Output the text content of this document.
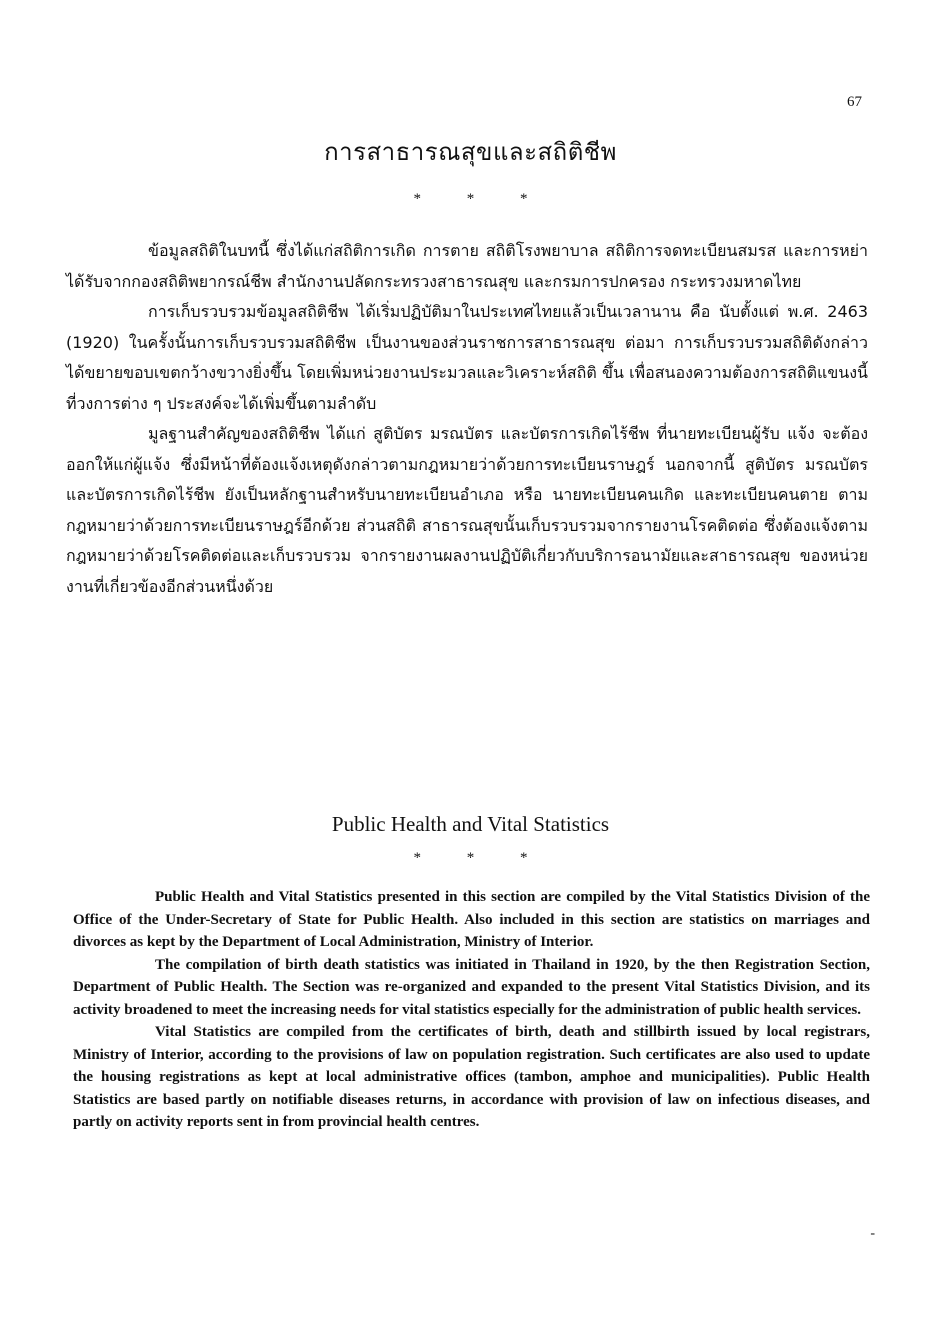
67
การสาธารณสุขและสถิติชีพ
* * *

ข้อมูลสถิติในบทนี้ ซึ่งได้แก่สถิติการเกิด การตาย สถิติโรงพยาบาล สถิติการจดทะเบียนสมรส และการหย่า ได้รับจากกองสถิติพยากรณ์ชีพ สำนักงานปลัดกระทรวงสาธารณสุข และกรมการปกครอง กระทรวงมหาดไทย

การเก็บรวบรวมข้อมูลสถิติชีพ ได้เริ่มปฏิบัติมาในประเทศไทยแล้วเป็นเวลานาน คือ นับตั้งแต่ พ.ศ. 2463 (1920) ในครั้งนั้นการเก็บรวบรวมสถิติชีพ เป็นงานของส่วนราชการสาธารณสุข ต่อมา การเก็บรวบรวมสถิติดังกล่าวได้ขยายขอบเขตกว้างขวางยิ่งขึ้น โดยเพิ่มหน่วยงานประมวลและวิเคราะห์สถิติ ขึ้น เพื่อสนองความต้องการสถิติแขนงนี้ที่วงการต่าง ๆ ประสงค์จะได้เพิ่มขึ้นตามลำดับ

มูลฐานสำคัญของสถิติชีพ ได้แก่ สูติบัตร มรณบัตร และบัตรการเกิดไร้ชีพ ที่นายทะเบียนผู้รับ แจ้ง จะต้องออกให้แก่ผู้แจ้ง ซึ่งมีหน้าที่ต้องแจ้งเหตุดังกล่าวตามกฎหมายว่าด้วยการทะเบียนราษฎร์ นอกจากนี้ สูติบัตร มรณบัตร และบัตรการเกิดไร้ชีพ ยังเป็นหลักฐานสำหรับนายทะเบียนอำเภอ หรือ นายทะเบียนคนเกิด และทะเบียนคนตาย ตามกฎหมายว่าด้วยการทะเบียนราษฎร์อีกด้วย ส่วนสถิติ สาธารณสุขนั้นเก็บรวบรวมจากรายงานโรคติดต่อ ซึ่งต้องแจ้งตามกฎหมายว่าด้วยโรคติดต่อและเก็บรวบรวม จากรายงานผลงานปฏิบัติเกี่ยวกับบริการอนามัยและสาธารณสุข ของหน่วยงานที่เกี่ยวข้องอีกส่วนหนึ่งด้วย

Public Health and Vital Statistics
* * *

Public Health and Vital Statistics presented in this section are compiled by the Vital Statistics Division of the Office of the Under-Secretary of State for Public Health. Also included in this section are statistics on marriages and divorces as kept by the Department of Local Administration, Ministry of Interior.

The compilation of birth death statistics was initiated in Thailand in 1920, by the then Registration Section, Department of Public Health. The Section was re-organized and expanded to the present Vital Statistics Division, and its activity broadened to meet the increasing needs for vital statistics especially for the administration of public health services.

Vital Statistics are compiled from the certificates of birth, death and stillbirth issued by local registrars, Ministry of Interior, according to the provisions of law on population registration. Such certificates are also used to update the housing registrations as kept at local administrative offices (tambon, amphoe and municipalities). Public Health Statistics are based partly on notifiable diseases returns, in accordance with provision of law on infectious diseases, and partly on activity reports sent in from provincial health centres.

-
